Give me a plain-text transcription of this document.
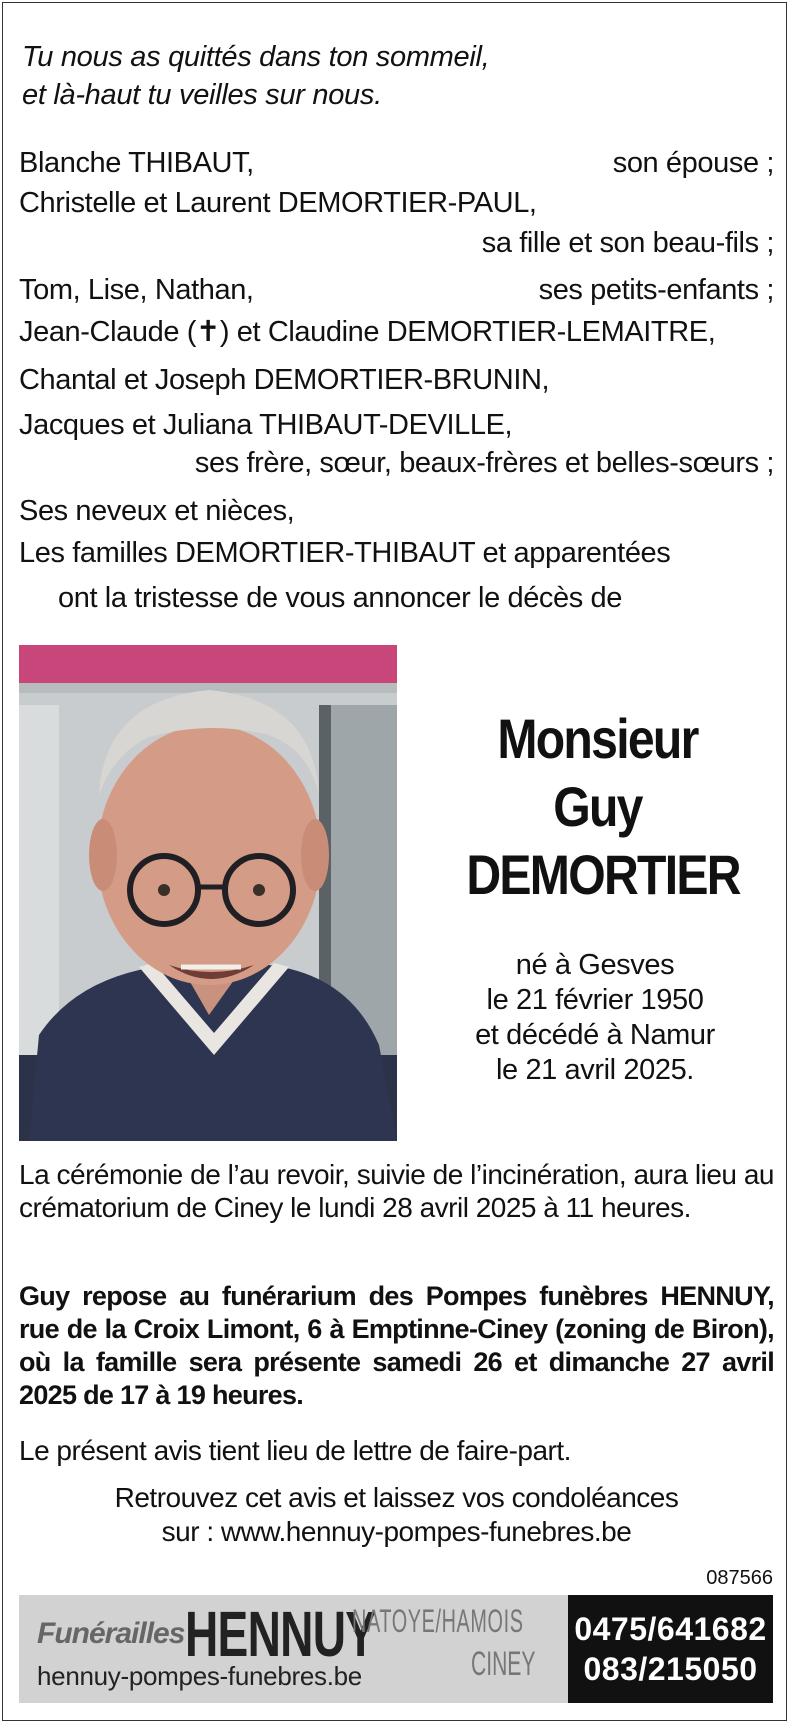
Tu nous as quittés dans ton sommeil,
et là-haut tu veilles sur nous.
Blanche THIBAUT,	son épouse ;
Christelle et Laurent DEMORTIER-PAUL,
sa fille et son beau-fils ;
Tom, Lise, Nathan,	ses petits-enfants ;
Jean-Claude (✝) et Claudine DEMORTIER-LEMAITRE,
Chantal et Joseph DEMORTIER-BRUNIN,
Jacques et Juliana THIBAUT-DEVILLE,
ses frère, sœur, beaux-frères et belles-sœurs ;
Ses neveux et nièces,
Les familles DEMORTIER-THIBAUT et apparentées
ont la tristesse de vous annoncer le décès de
Monsieur
Guy
DEMORTIER
né à Gesves
le 21 février 1950
et décédé à Namur
le 21 avril 2025.
La cérémonie de l’au revoir, suivie de l’incinération, aura lieu au crématorium de Ciney le lundi 28 avril 2025 à 11 heures.
Guy repose au funérarium des Pompes funèbres HENNUY, rue de la Croix Limont, 6 à Emptinne-Ciney (zoning de Biron), où la famille sera présente samedi 26 et dimanche 27 avril 2025 de 17 à 19 heures.
Le présent avis tient lieu de lettre de faire-part.
Retrouvez cet avis et laissez vos condoléances
sur : www.hennuy-pompes-funebres.be
087566
Funérailles HENNUY
NATOYE/HAMOIS
CINEY
hennuy-pompes-funebres.be
0475/641682
083/215050
